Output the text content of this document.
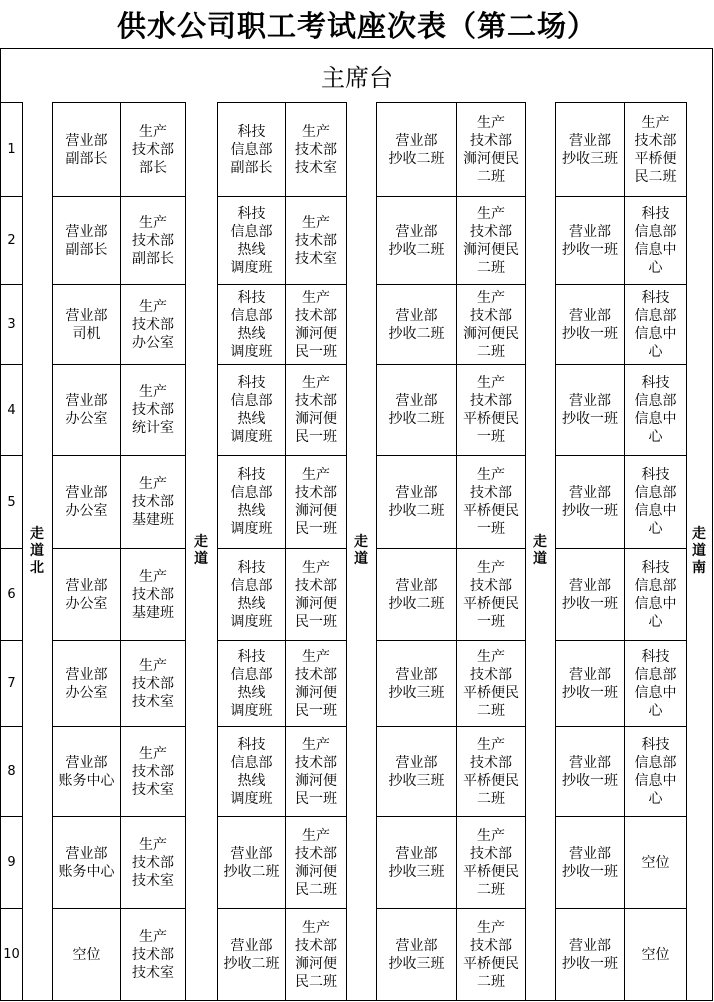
供水公司职工考试座次表（第二场）
主席台
走
道
北
走
道
走
道
走
道
走
道
南
1
营业部
副部长
生产
技术部
部长
科技
信息部
副部长
生产
技术部
技术室
营业部
抄收二班
生产
技术部
浉河便民
二班
营业部
抄收三班
生产
技术部
平桥便
民二班
2
营业部
副部长
生产
技术部
副部长
科技
信息部
热线
调度班
生产
技术部
技术室
营业部
抄收二班
生产
技术部
浉河便民
二班
营业部
抄收一班
科技
信息部
信息中
心
3
营业部
司机
生产
技术部
办公室
科技
信息部
热线
调度班
生产
技术部
浉河便
民一班
营业部
抄收二班
生产
技术部
浉河便民
二班
营业部
抄收一班
科技
信息部
信息中
心
4
营业部
办公室
生产
技术部
统计室
科技
信息部
热线
调度班
生产
技术部
浉河便
民一班
营业部
抄收二班
生产
技术部
平桥便民
一班
营业部
抄收一班
科技
信息部
信息中
心
5
营业部
办公室
生产
技术部
基建班
科技
信息部
热线
调度班
生产
技术部
浉河便
民一班
营业部
抄收二班
生产
技术部
平桥便民
一班
营业部
抄收一班
科技
信息部
信息中
心
6
营业部
办公室
生产
技术部
基建班
科技
信息部
热线
调度班
生产
技术部
浉河便
民一班
营业部
抄收二班
生产
技术部
平桥便民
一班
营业部
抄收一班
科技
信息部
信息中
心
7
营业部
办公室
生产
技术部
技术室
科技
信息部
热线
调度班
生产
技术部
浉河便
民一班
营业部
抄收三班
生产
技术部
平桥便民
二班
营业部
抄收一班
科技
信息部
信息中
心
8
营业部
账务中心
生产
技术部
技术室
科技
信息部
热线
调度班
生产
技术部
浉河便
民一班
营业部
抄收三班
生产
技术部
平桥便民
二班
营业部
抄收一班
科技
信息部
信息中
心
9
营业部
账务中心
生产
技术部
技术室
营业部
抄收二班
生产
技术部
浉河便
民二班
营业部
抄收三班
生产
技术部
平桥便民
二班
营业部
抄收一班
空位
10	空位
生产
技术部
技术室
营业部
抄收二班
生产
技术部
浉河便
民二班
营业部
抄收三班
生产
技术部
平桥便民
二班
营业部
抄收一班
空位
